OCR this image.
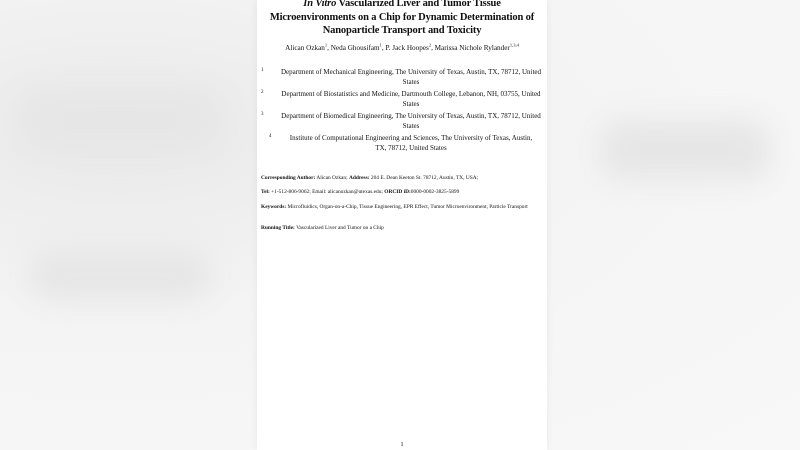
In Vitro Vascularized Liver and Tumor Tissue
Microenvironments on a Chip for Dynamic Determination of
Nanoparticle Transport and Toxicity
Alican Ozkan$^1$, Neda Ghousifam$^1$, P. Jack Hoopes$^2$, Marissa Nichole Rylander$^{1,3,4}$
1	Department of Mechanical Engineering, The University of Texas, Austin, TX, 78712, United States
2	Department of Biostatistics and Medicine, Dartmouth College, Lebanon, NH, 03755, United States
3	Department of Biomedical Engineering, The University of Texas, Austin, TX, 78712, United States
4	Institute of Computational Engineering and Sciences, The University of Texas, Austin, TX, 78712, United States
Corresponding Author: Alican Ozkan; Address: 204 E. Dean Keeton St. 78712, Austin, TX, USA;
Tel: +1-512-806-9062; Email: alicanozkan@utexas.edu; ORCID iD:0000-0002-3825-5899
Keywords: Microfluidics, Organ-on-a-Chip, Tissue Engineering, EPR Effect, Tumor Microenvironment, Particle Transport
Running Title: Vascularized Liver and Tumor on a Chip
1
